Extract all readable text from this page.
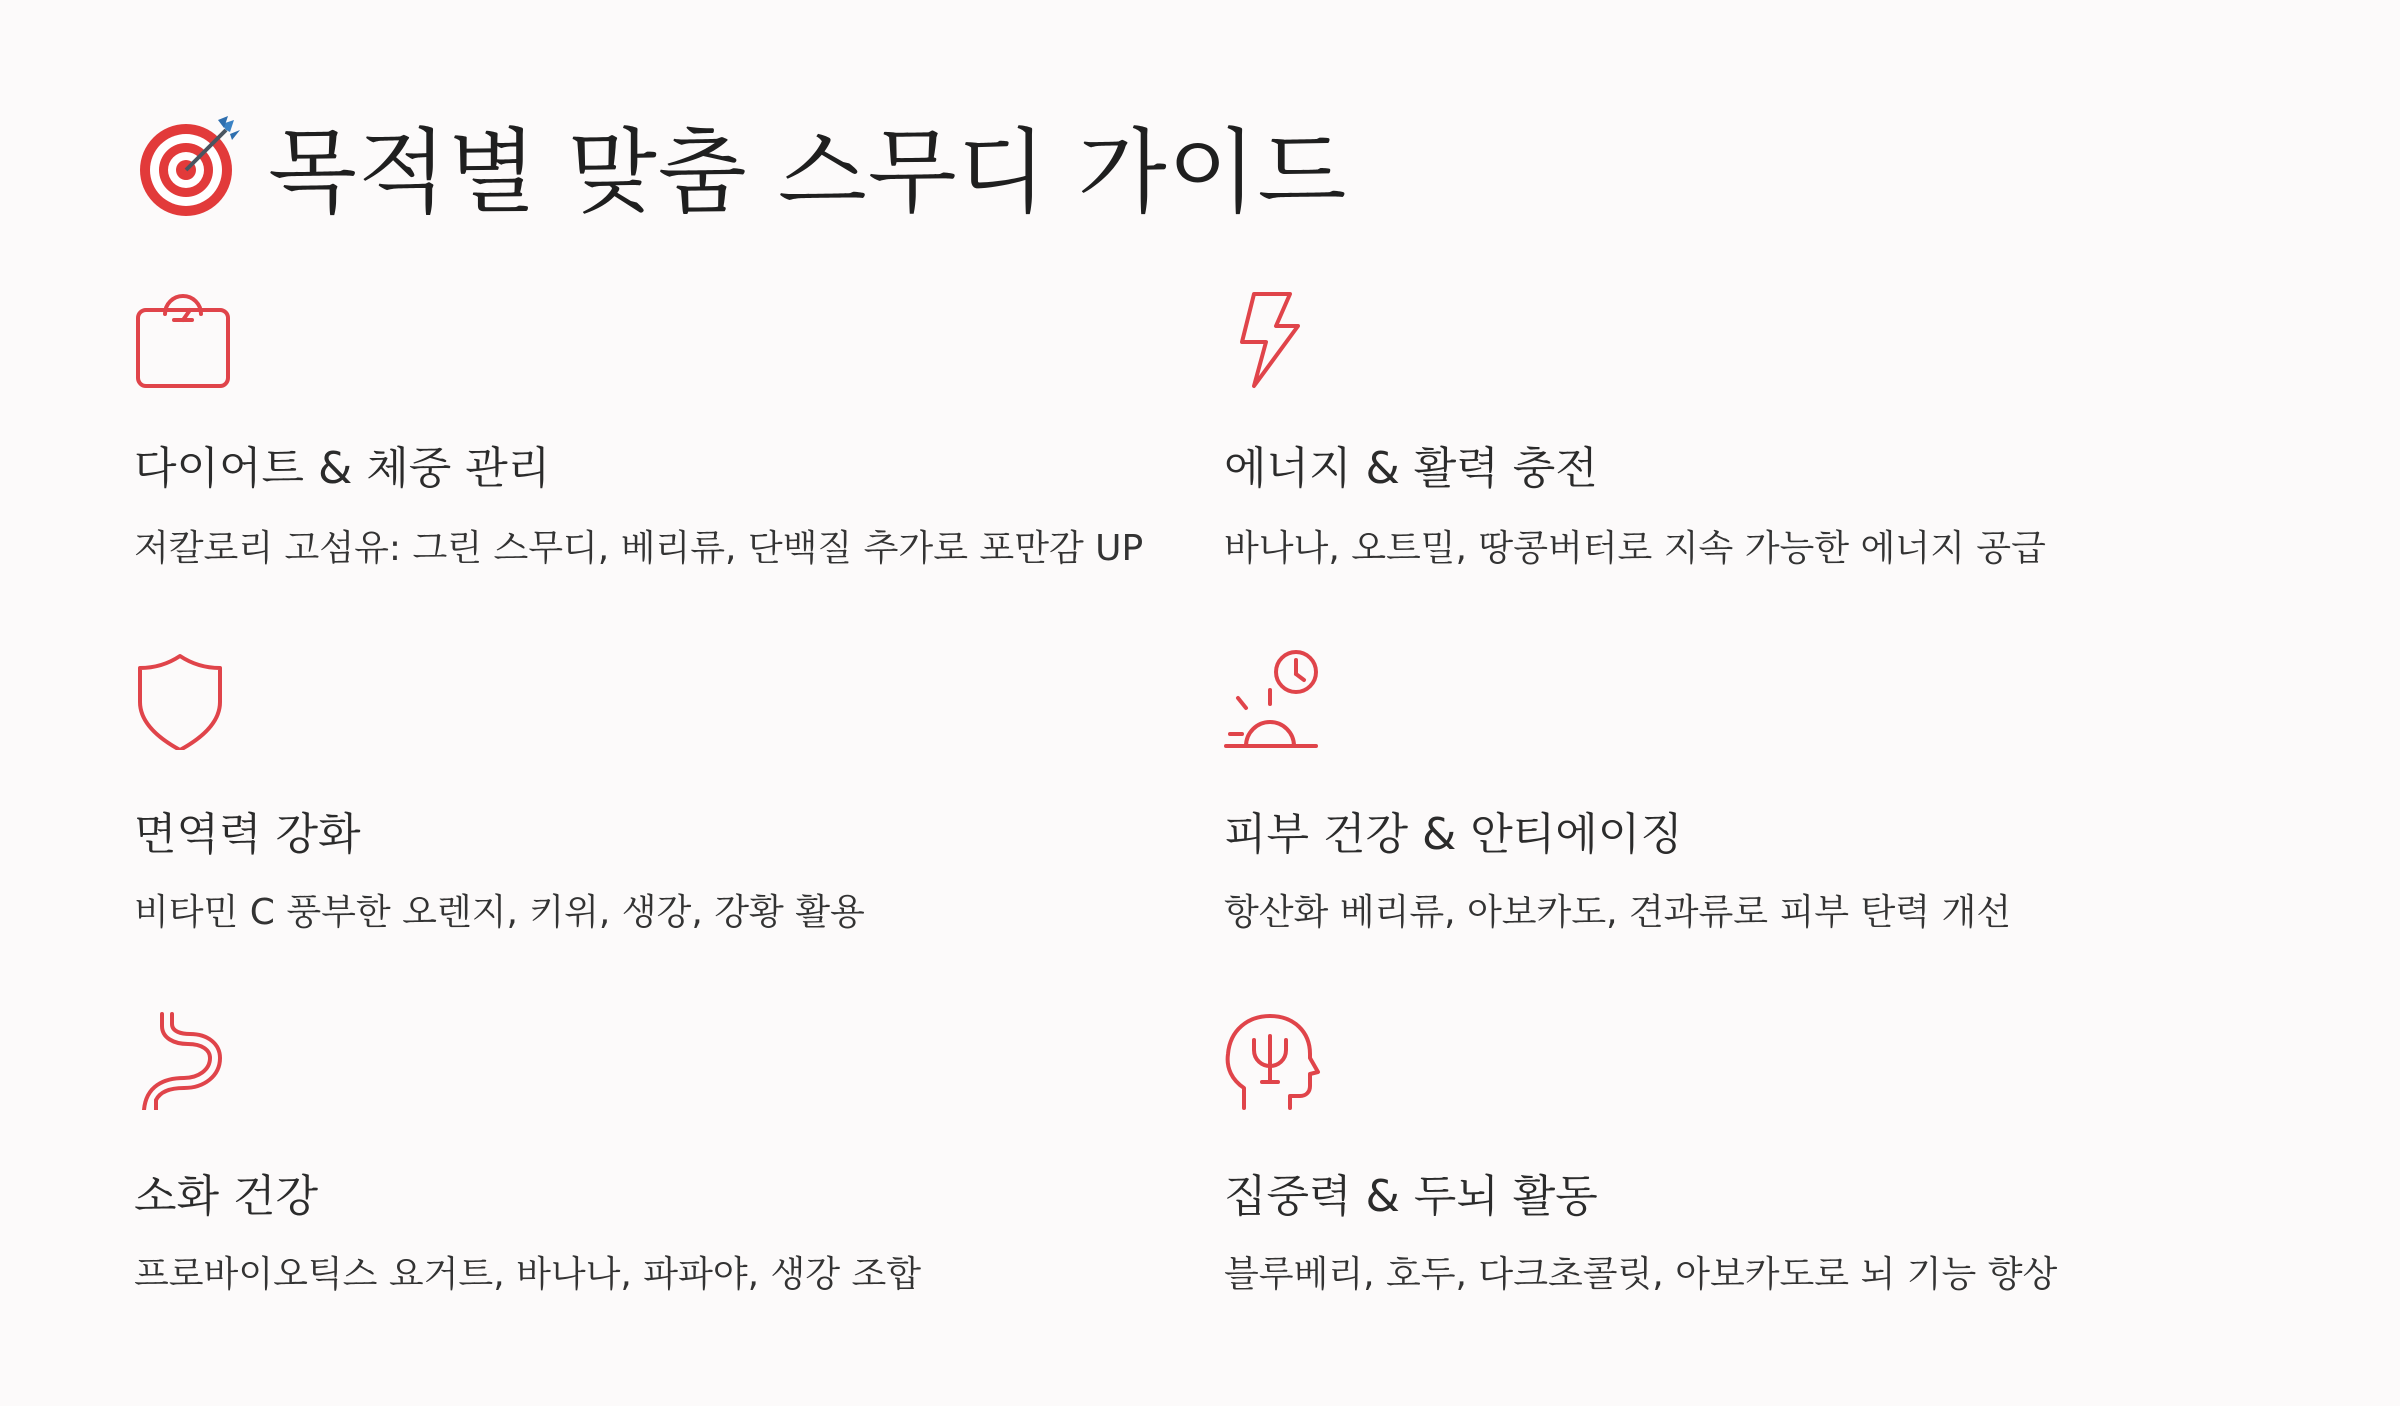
목적별 맞춤 스무디 가이드
다이어트 & 체중 관리
저칼로리 고섬유: 그린 스무디, 베리류, 단백질 추가로 포만감 UP
에너지 & 활력 충전
바나나, 오트밀, 땅콩버터로 지속 가능한 에너지 공급
면역력 강화
비타민 C 풍부한 오렌지, 키위, 생강, 강황 활용
피부 건강 & 안티에이징
항산화 베리류, 아보카도, 견과류로 피부 탄력 개선
소화 건강
프로바이오틱스 요거트, 바나나, 파파야, 생강 조합
집중력 & 두뇌 활동
블루베리, 호두, 다크초콜릿, 아보카도로 뇌 기능 향상
